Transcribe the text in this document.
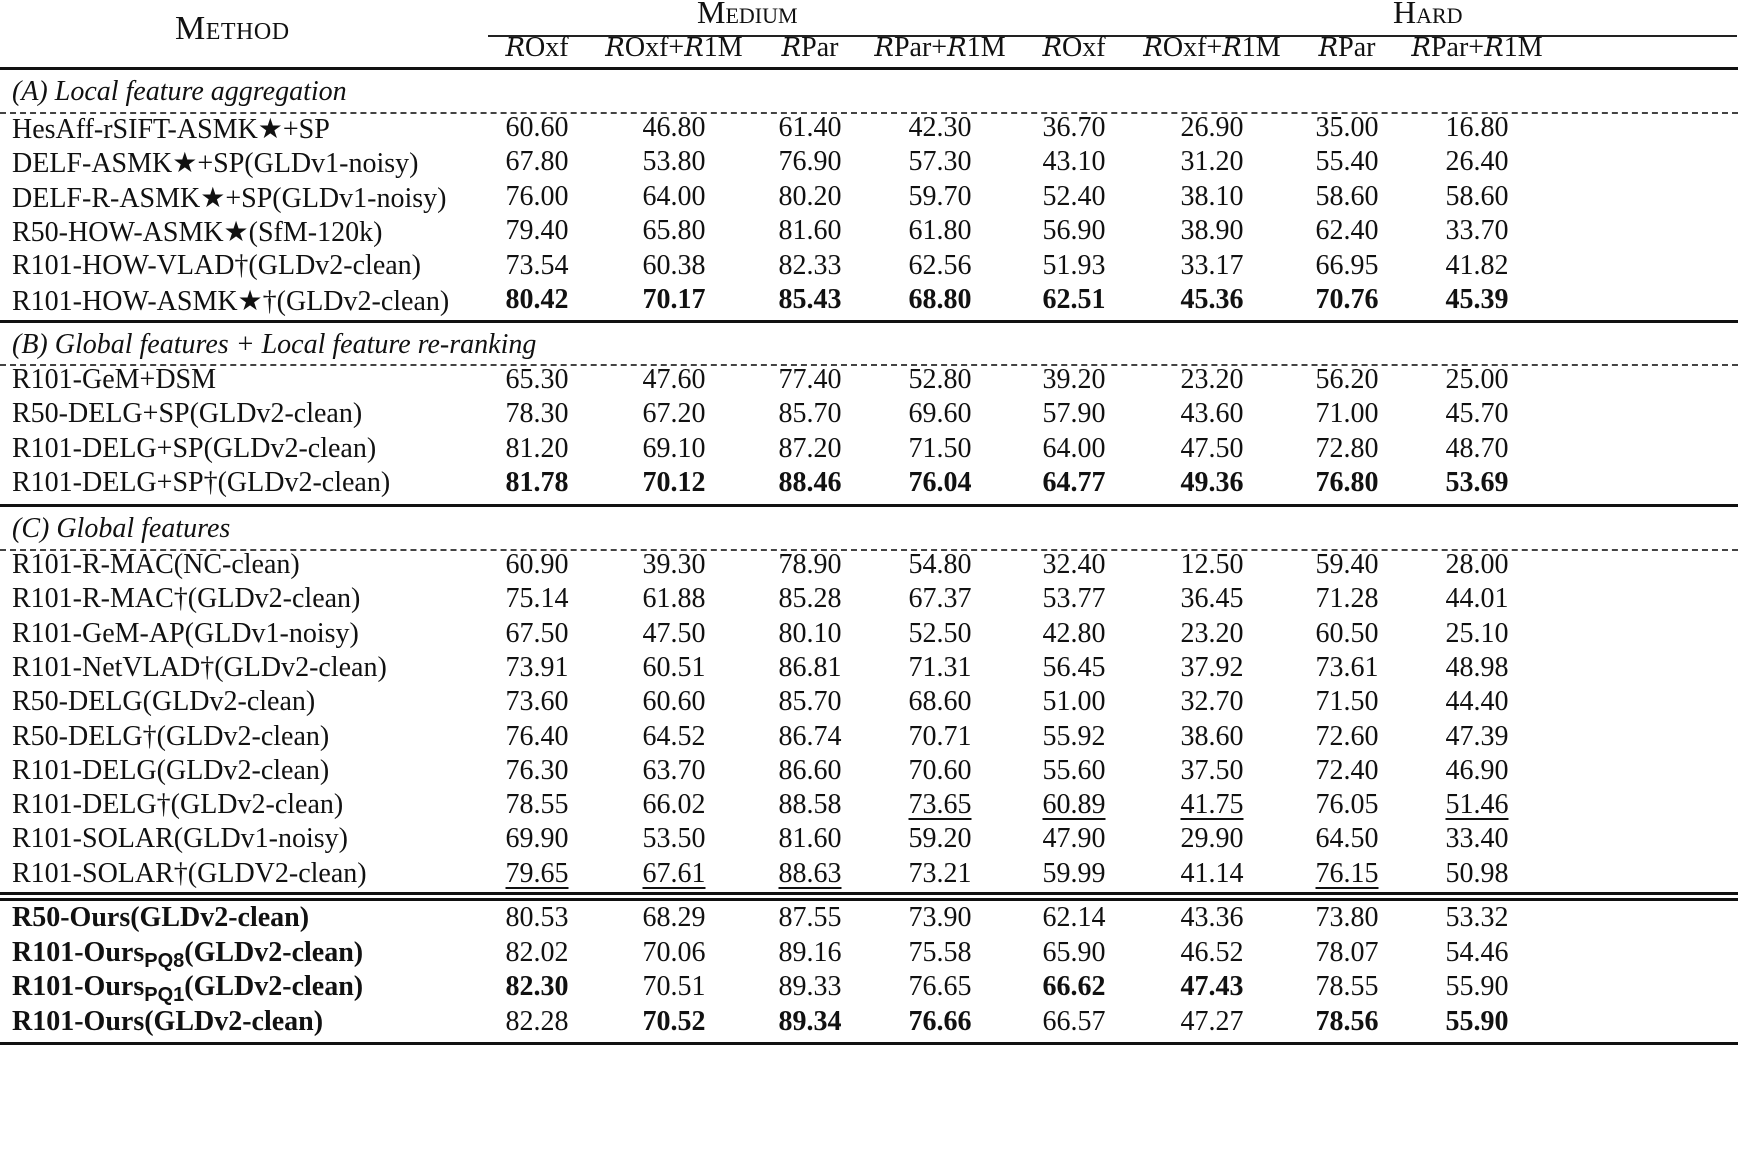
Method	Medium	Hard
ROxf ROxf+R1M RPar RPar+R1M ROxf ROxf+R1M RPar RPar+R1M
(A) Local feature aggregation
HesAff-rSIFT-ASMK★+SP	60.60	46.80	61.40 42.30	36.70	26.90	35.00 16.80
DELF-ASMK★+SP(GLDv1-noisy)	67.80	53.80	76.90 57.30	43.10	31.20	55.40 26.40
DELF-R-ASMK★+SP(GLDv1-noisy) 76.00	64.00	80.20 59.70	52.40	38.10	58.60 58.60
R50-HOW-ASMK★(SfM-120k)	79.40	65.80	81.60 61.80	56.90	38.90	62.40 33.70
R101-HOW-VLAD†(GLDv2-clean)	73.54	60.38	82.33 62.56	51.93	33.17	66.95 41.82
R101-HOW-ASMK★†(GLDv2-clean) 80.42	70.17	85.43 68.80	62.51	45.36	70.76 45.39
(B) Global features + Local feature re-ranking
R101-GeM+DSM	65.30	47.60	77.40 52.80	39.20	23.20	56.20 25.00
R50-DELG+SP(GLDv2-clean)	78.30	67.20	85.70 69.60	57.90	43.60	71.00 45.70
R101-DELG+SP(GLDv2-clean)	81.20	69.10	87.20 71.50	64.00	47.50	72.80 48.70
R101-DELG+SP†(GLDv2-clean)	81.78	70.12	88.46 76.04	64.77	49.36	76.80 53.69
(C) Global features
R101-R-MAC(NC-clean)	60.90	39.30	78.90 54.80	32.40	12.50	59.40 28.00
R101-R-MAC†(GLDv2-clean)	75.14	61.88	85.28 67.37	53.77	36.45	71.28 44.01
R101-GeM-AP(GLDv1-noisy)	67.50	47.50	80.10 52.50	42.80	23.20	60.50 25.10
R101-NetVLAD†(GLDv2-clean)	73.91	60.51	86.81 71.31	56.45	37.92	73.61 48.98
R50-DELG(GLDv2-clean)	73.60	60.60	85.70 68.60	51.00	32.70	71.50 44.40
R50-DELG†(GLDv2-clean)	76.40	64.52	86.74 70.71	55.92	38.60	72.60 47.39
R101-DELG(GLDv2-clean)	76.30	63.70	86.60 70.60	55.60	37.50	72.40 46.90
R101-DELG†(GLDv2-clean)	78.55	66.02	88.58 73.65	60.89	41.75	76.05 51.46
R101-SOLAR(GLDv1-noisy)	69.90	53.50	81.60 59.20	47.90	29.90	64.50 33.40
R101-SOLAR†(GLDV2-clean)	79.65	67.61	88.63 73.21	59.99	41.14	76.15 50.98
R50-Ours(GLDv2-clean)	80.53	68.29	87.55 73.90	62.14	43.36	73.80 53.32
R101-Ours$_{PQ8}$(GLDv2-clean)	82.02	70.06	89.16 75.58	65.90	46.52	78.07 54.46
R101-Ours$_{PQ1}$(GLDv2-clean)	82.30	70.51	89.33 76.65	66.62	47.43	78.55 55.90
R101-Ours(GLDv2-clean)	82.28	70.52	89.34 76.66	66.57	47.27	78.56 55.90
